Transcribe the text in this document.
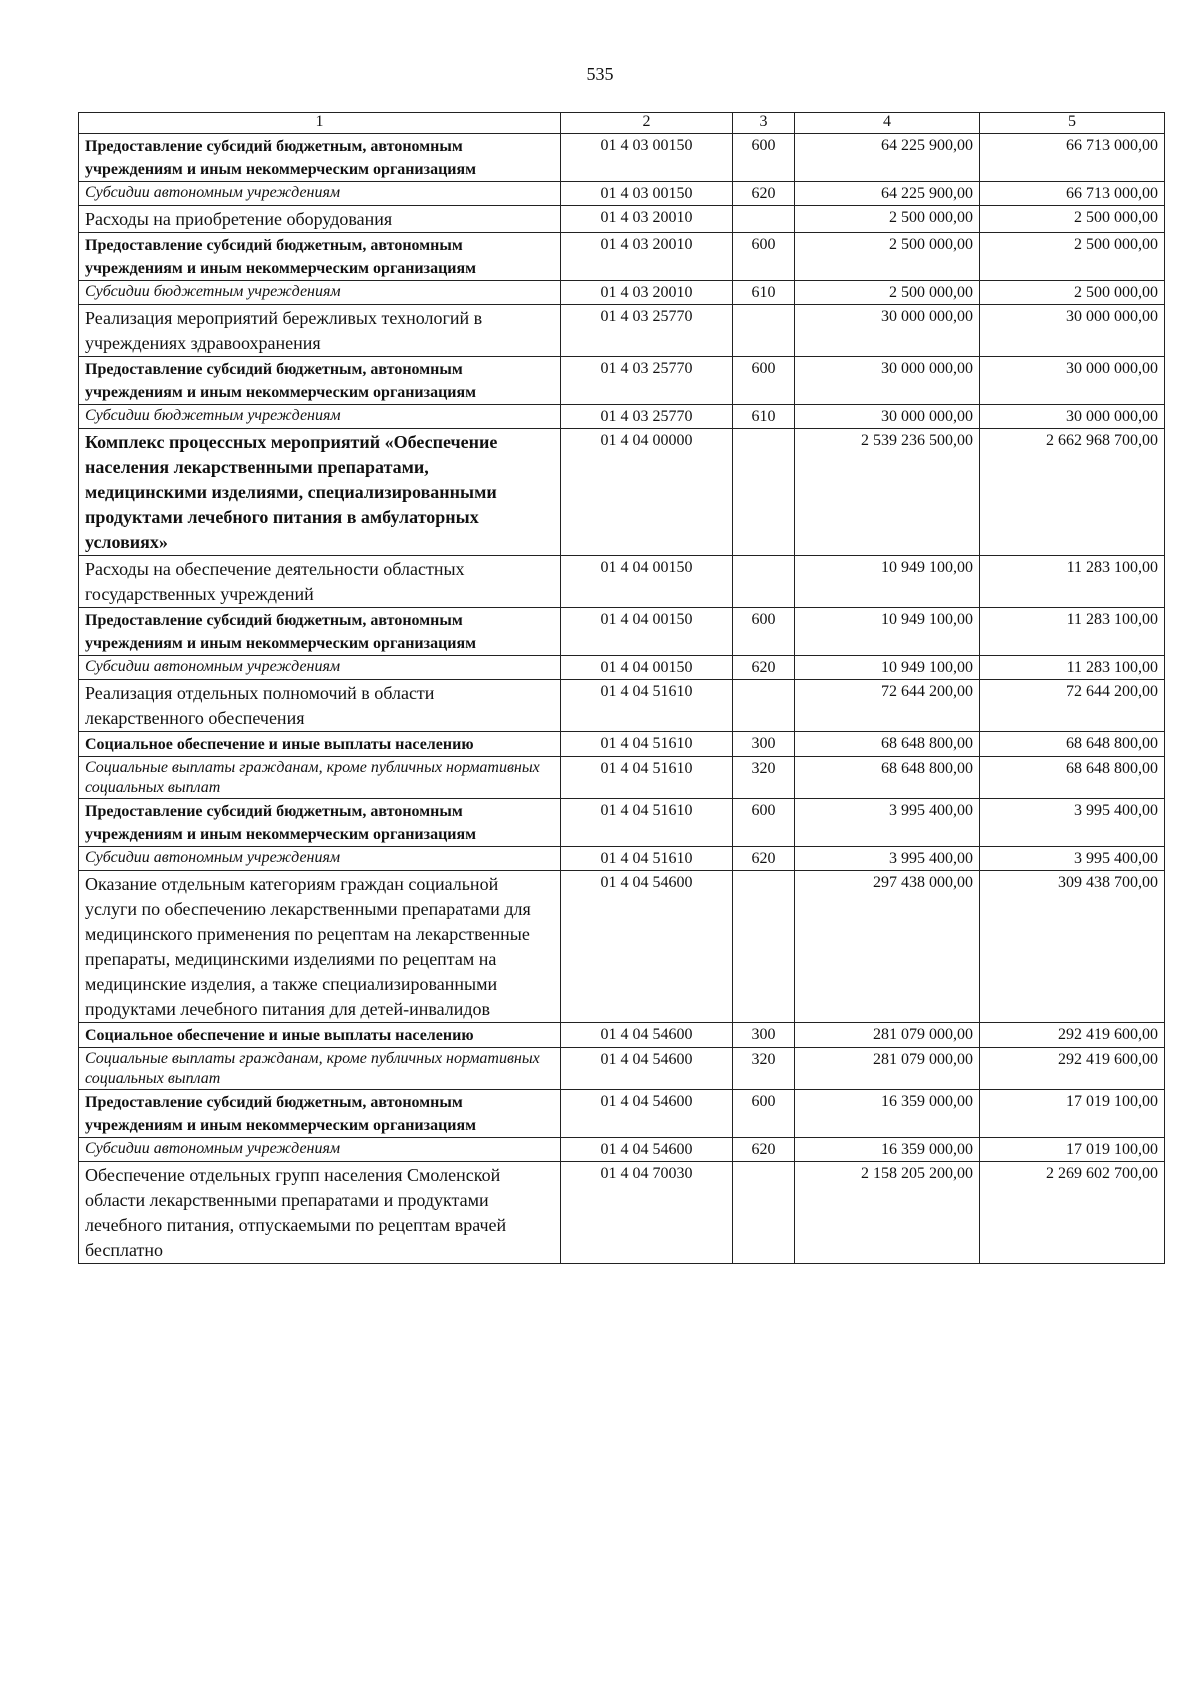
535
1	2	3	4	5
Предоставление субсидий бюджетным, автономным учреждениям и иным некоммерческим организациям	01 4 03 00150	600	64 225 900,00	66 713 000,00
Субсидии автономным учреждениям	01 4 03 00150	620	64 225 900,00	66 713 000,00
Расходы на приобретение оборудования	01 4 03 20010		2 500 000,00	2 500 000,00
Предоставление субсидий бюджетным, автономным учреждениям и иным некоммерческим организациям	01 4 03 20010	600	2 500 000,00	2 500 000,00
Субсидии бюджетным учреждениям	01 4 03 20010	610	2 500 000,00	2 500 000,00
Реализация мероприятий бережливых технологий в учреждениях здравоохранения	01 4 03 25770		30 000 000,00	30 000 000,00
Предоставление субсидий бюджетным, автономным учреждениям и иным некоммерческим организациям	01 4 03 25770	600	30 000 000,00	30 000 000,00
Субсидии бюджетным учреждениям	01 4 03 25770	610	30 000 000,00	30 000 000,00
Комплекс процессных мероприятий «Обеспечение населения лекарственными препаратами, медицинскими изделиями, специализированными продуктами лечебного питания в амбулаторных условиях»	01 4 04 00000		2 539 236 500,00	2 662 968 700,00
Расходы на обеспечение деятельности областных государственных учреждений	01 4 04 00150		10 949 100,00	11 283 100,00
Предоставление субсидий бюджетным, автономным учреждениям и иным некоммерческим организациям	01 4 04 00150	600	10 949 100,00	11 283 100,00
Субсидии автономным учреждениям	01 4 04 00150	620	10 949 100,00	11 283 100,00
Реализация отдельных полномочий в области лекарственного обеспечения	01 4 04 51610		72 644 200,00	72 644 200,00
Социальное обеспечение и иные выплаты населению	01 4 04 51610	300	68 648 800,00	68 648 800,00
Социальные выплаты гражданам, кроме публичных нормативных социальных выплат	01 4 04 51610	320	68 648 800,00	68 648 800,00
Предоставление субсидий бюджетным, автономным учреждениям и иным некоммерческим организациям	01 4 04 51610	600	3 995 400,00	3 995 400,00
Субсидии автономным учреждениям	01 4 04 51610	620	3 995 400,00	3 995 400,00
Оказание отдельным категориям граждан социальной услуги по обеспечению лекарственными препаратами для медицинского применения по рецептам на лекарственные препараты, медицинскими изделиями по рецептам на медицинские изделия, а также специализированными продуктами лечебного питания для детей-инвалидов	01 4 04 54600		297 438 000,00	309 438 700,00
Социальное обеспечение и иные выплаты населению	01 4 04 54600	300	281 079 000,00	292 419 600,00
Социальные выплаты гражданам, кроме публичных нормативных социальных выплат	01 4 04 54600	320	281 079 000,00	292 419 600,00
Предоставление субсидий бюджетным, автономным учреждениям и иным некоммерческим организациям	01 4 04 54600	600	16 359 000,00	17 019 100,00
Субсидии автономным учреждениям	01 4 04 54600	620	16 359 000,00	17 019 100,00
Обеспечение отдельных групп населения Смоленской области лекарственными препаратами и продуктами лечебного питания, отпускаемыми по рецептам врачей бесплатно	01 4 04 70030		2 158 205 200,00	2 269 602 700,00
